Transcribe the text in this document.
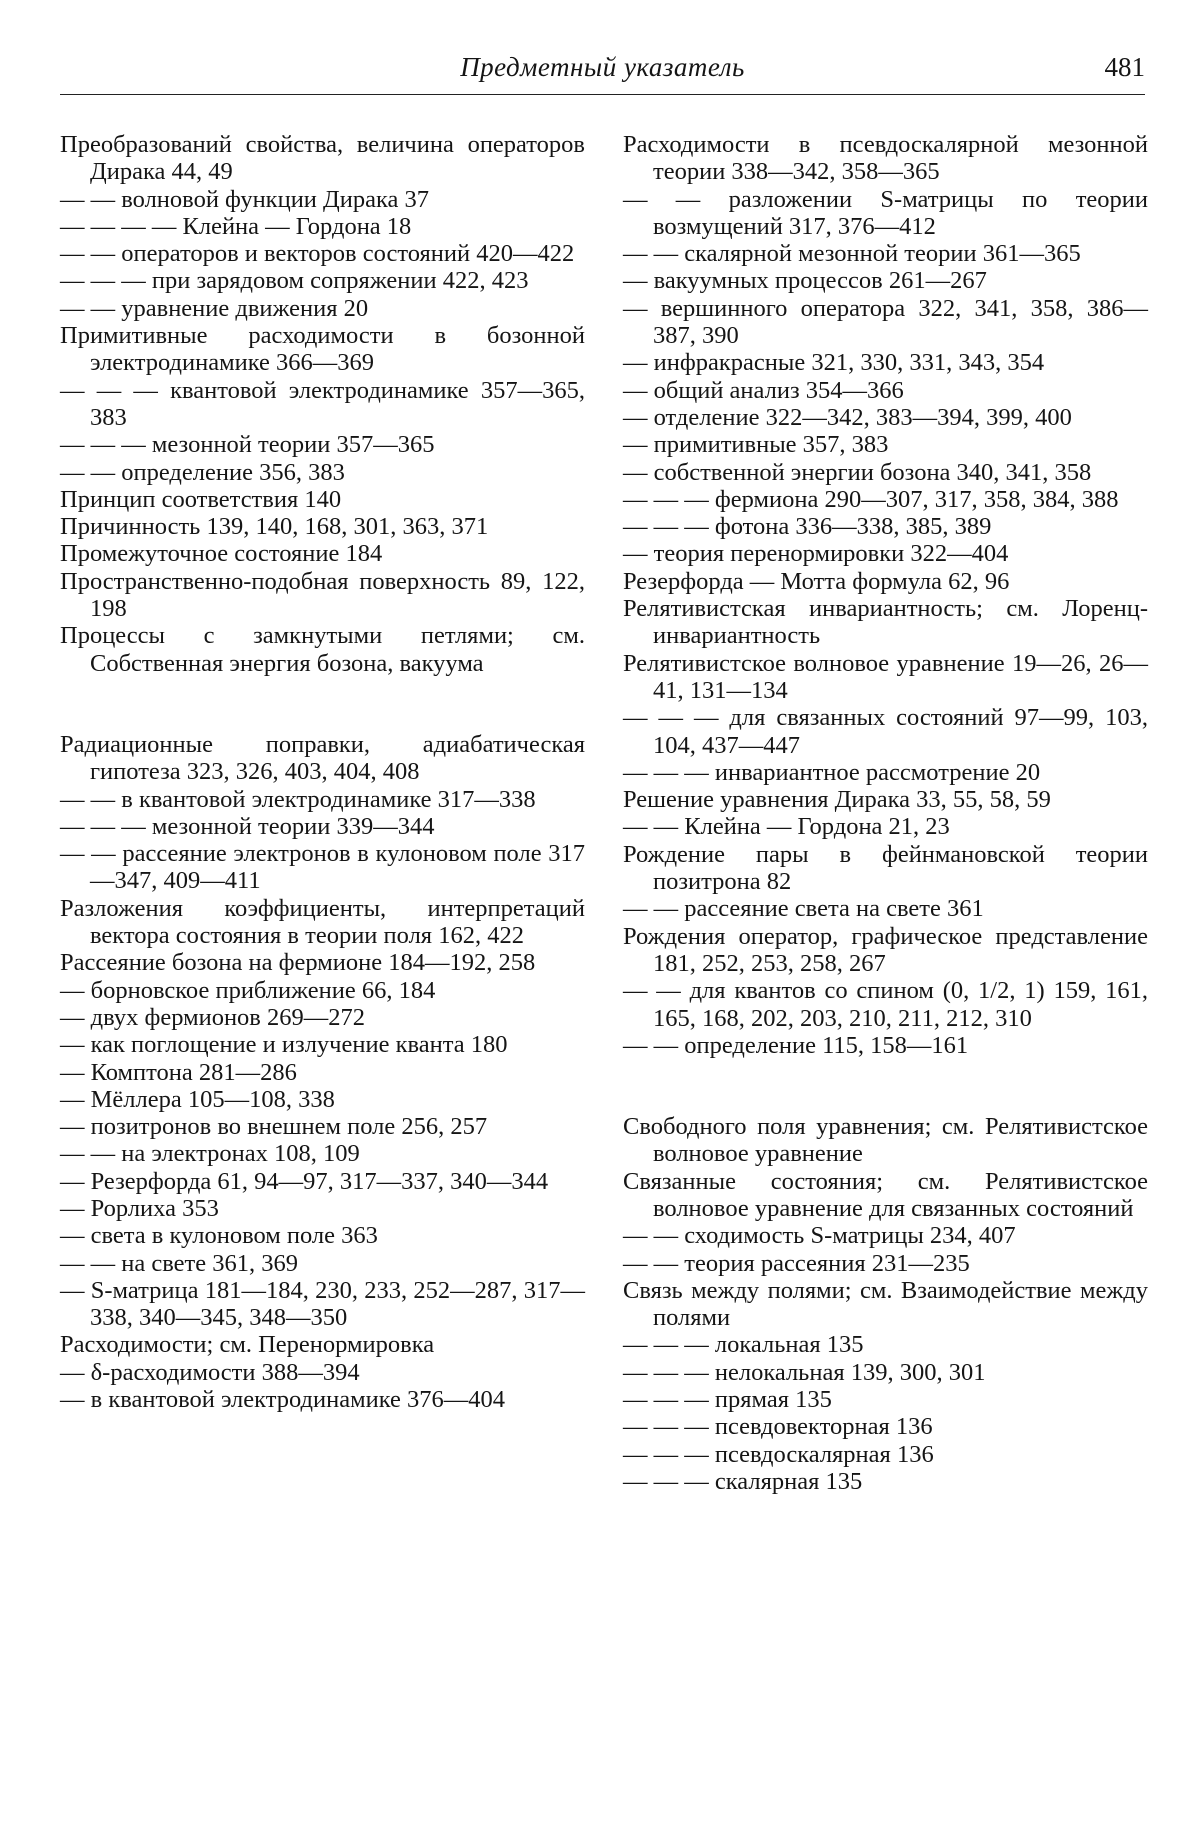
Предметный указатель	481
Преобразований свойства, величина операторов Дирака 44, 49
— — волновой функции Дирака 37
— — — — Клейна — Гордона 18
— — операторов и векторов состояний 420—422
— — — при зарядовом сопряжении 422, 423
— — уравнение движения 20
Примитивные расходимости в бозонной электродинамике 366—369
— — — квантовой электродинамике 357—365, 383
— — — мезонной теории 357—365
— — определение 356, 383
Принцип соответствия 140
Причинность 139, 140, 168, 301, 363, 371
Промежуточное состояние 184
Пространственно-подобная поверхность 89, 122, 198
Процессы с замкнутыми петлями; см. Собственная энергия бозона, вакуума
Радиационные поправки, адиабатическая гипотеза 323, 326, 403, 404, 408
— — в квантовой электродинамике 317—338
— — — мезонной теории 339—344
— — рассеяние электронов в кулоновом поле 317—347, 409—411
Разложения коэффициенты, интерпретаций вектора состояния в теории поля 162, 422
Рассеяние бозона на фермионе 184—192, 258
— борновское приближение 66, 184
— двух фермионов 269—272
— как поглощение и излучение кванта 180
— Комптона 281—286
— Мёллера 105—108, 338
— позитронов во внешнем поле 256, 257
— — на электронах 108, 109
— Резерфорда 61, 94—97, 317—337, 340—344
— Рорлиха 353
— света в кулоновом поле 363
— — на свете 361, 369
— S-матрица 181—184, 230, 233, 252—287, 317—338, 340—345, 348—350
Расходимости; см. Перенормировка
— δ-расходимости 388—394
— в квантовой электродинамике 376—404
Расходимости в псевдоскалярной мезонной теории 338—342, 358—365
— — разложении S-матрицы по теории возмущений 317, 376—412
— — скалярной мезонной теории 361—365
— вакуумных процессов 261—267
— вершинного оператора 322, 341, 358, 386—387, 390
— инфракрасные 321, 330, 331, 343, 354
— общий анализ 354—366
— отделение 322—342, 383—394, 399, 400
— примитивные 357, 383
— собственной энергии бозона 340, 341, 358
— — — фермиона 290—307, 317, 358, 384, 388
— — — фотона 336—338, 385, 389
— теория перенормировки 322—404
Резерфорда — Мотта формула 62, 96
Релятивистская инвариантность; см. Лоренц-инвариантность
Релятивистское волновое уравнение 19—26, 26—41, 131—134
— — — для связанных состояний 97—99, 103, 104, 437—447
— — — инвариантное рассмотрение 20
Решение уравнения Дирака 33, 55, 58, 59
— — Клейна — Гордона 21, 23
Рождение пары в фейнмановской теории позитрона 82
— — рассеяние света на свете 361
Рождения оператор, графическое представление 181, 252, 253, 258, 267
— — для квантов со спином (0, 1/2, 1) 159, 161, 165, 168, 202, 203, 210, 211, 212, 310
— — определение 115, 158—161
Свободного поля уравнения; см. Релятивистское волновое уравнение
Связанные состояния; см. Релятивистское волновое уравнение для связанных состояний
— — сходимость S-матрицы 234, 407
— — теория рассеяния 231—235
Связь между полями; см. Взаимодействие между полями
— — — локальная 135
— — — нелокальная 139, 300, 301
— — — прямая 135
— — — псевдовекторная 136
— — — псевдоскалярная 136
— — — скалярная 135
